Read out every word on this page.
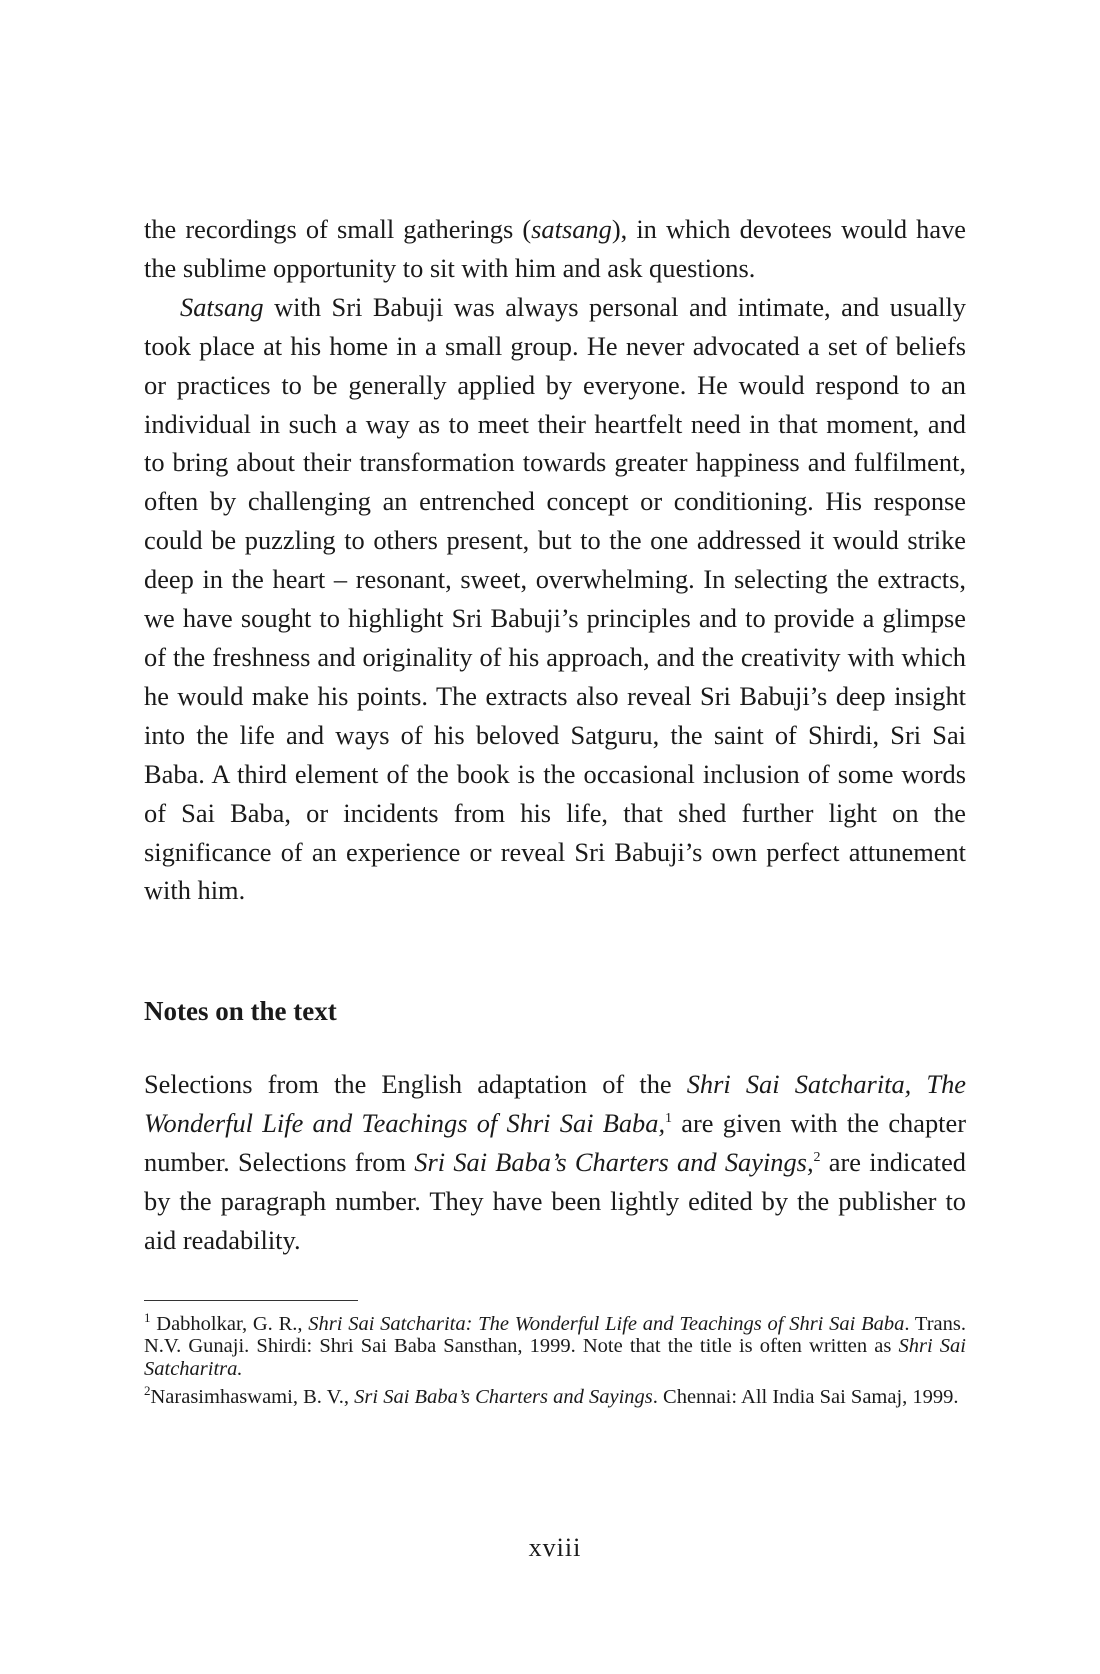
the recordings of small gatherings (satsang), in which devotees would have the sublime opportunity to sit with him and ask questions.

Satsang with Sri Babuji was always personal and intimate, and usually took place at his home in a small group. He never advocated a set of beliefs or practices to be generally applied by everyone. He would respond to an individual in such a way as to meet their heartfelt need in that moment, and to bring about their transformation towards greater happiness and fulfilment, often by challenging an entrenched concept or conditioning. His response could be puzzling to others present, but to the one addressed it would strike deep in the heart – resonant, sweet, overwhelming. In selecting the extracts, we have sought to highlight Sri Babuji’s principles and to provide a glimpse of the freshness and originality of his approach, and the creativity with which he would make his points. The extracts also reveal Sri Babuji’s deep insight into the life and ways of his beloved Satguru, the saint of Shirdi, Sri Sai Baba. A third element of the book is the occasional inclusion of some words of Sai Baba, or incidents from his life, that shed further light on the significance of an experience or reveal Sri Babuji’s own perfect attunement with him.

Notes on the text

Selections from the English adaptation of the Shri Sai Satcharita, The Wonderful Life and Teachings of Shri Sai Baba,$^1$ are given with the chapter number. Selections from Sri Sai Baba’s Charters and Sayings,$^2$ are indicated by the paragraph number. They have been lightly edited by the publisher to aid readability.

$^1$ Dabholkar, G. R., Shri Sai Satcharita: The Wonderful Life and Teachings of Shri Sai Baba. Trans. N.V. Gunaji. Shirdi: Shri Sai Baba Sansthan, 1999. Note that the title is often written as Shri Sai Satcharitra.

$^2$Narasimhaswami, B. V., Sri Sai Baba’s Charters and Sayings. Chennai: All India Sai Samaj, 1999.

xviii
